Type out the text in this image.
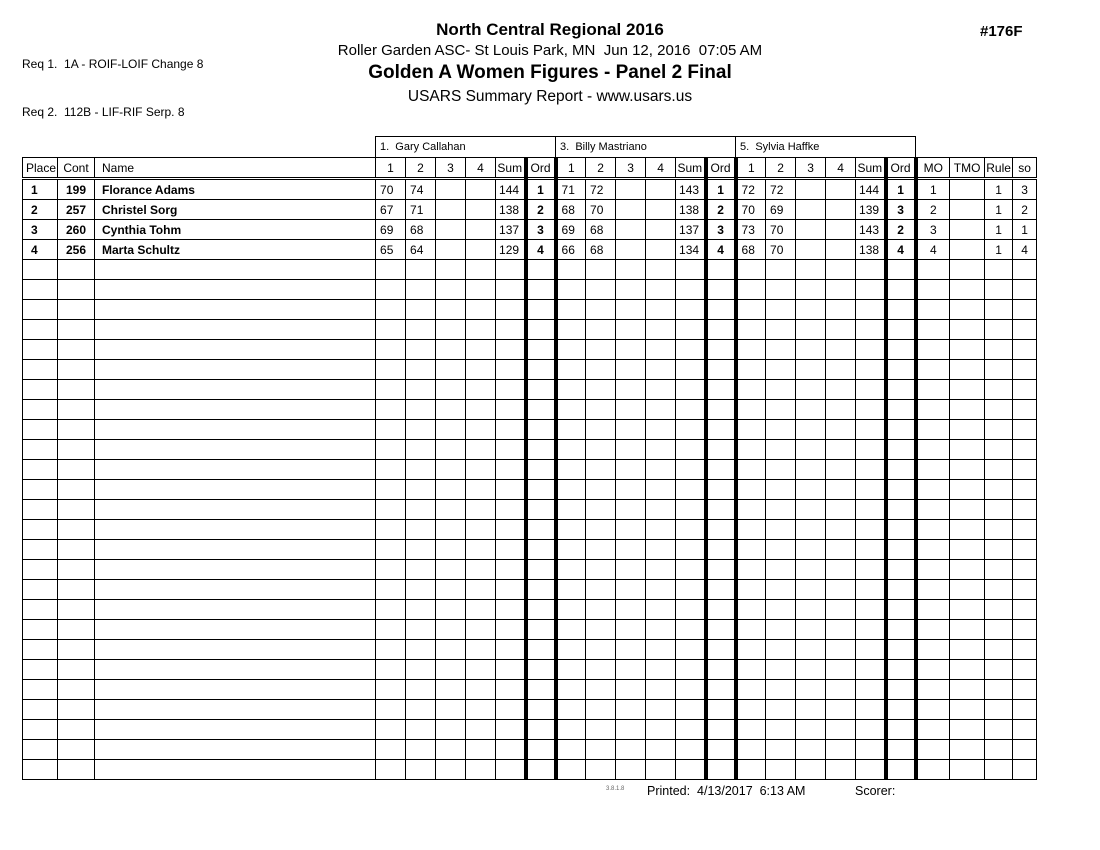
Req 1.  1A - ROIF-LOIF Change 8

Req 2.  112B - LIF-RIF Serp. 8

North Central Regional 2016
Roller Garden ASC- St Louis Park, MN  Jun 12, 2016  07:05 AM
Golden A Women Figures - Panel 2 Final
USARS Summary Report - www.usars.us
#176F
			1.  Gary Callahan						3.  Billy Mastriano						5.  Sylvia Haffke									
Place	Cont	Name	1	2	3	4	Sum	Ord	1	2	3	4	Sum	Ord	1	2	3	4	Sum	Ord	MO	TMO	Rule	so
1	199	Florance Adams	70	74			144	1	71	72			143	1	72	72			144	1	1		1	3
2	257	Christel Sorg	67	71			138	2	68	70			138	2	70	69			139	3	2		1	2
3	260	Cynthia Tohm	69	68			137	3	69	68			137	3	73	70			143	2	3		1	1
4	256	Marta Schultz	65	64			129	4	66	68			134	4	68	70			138	4	4		1	4

3.8.1.8 Printed:  4/13/2017  6:13 AM	Scorer:
